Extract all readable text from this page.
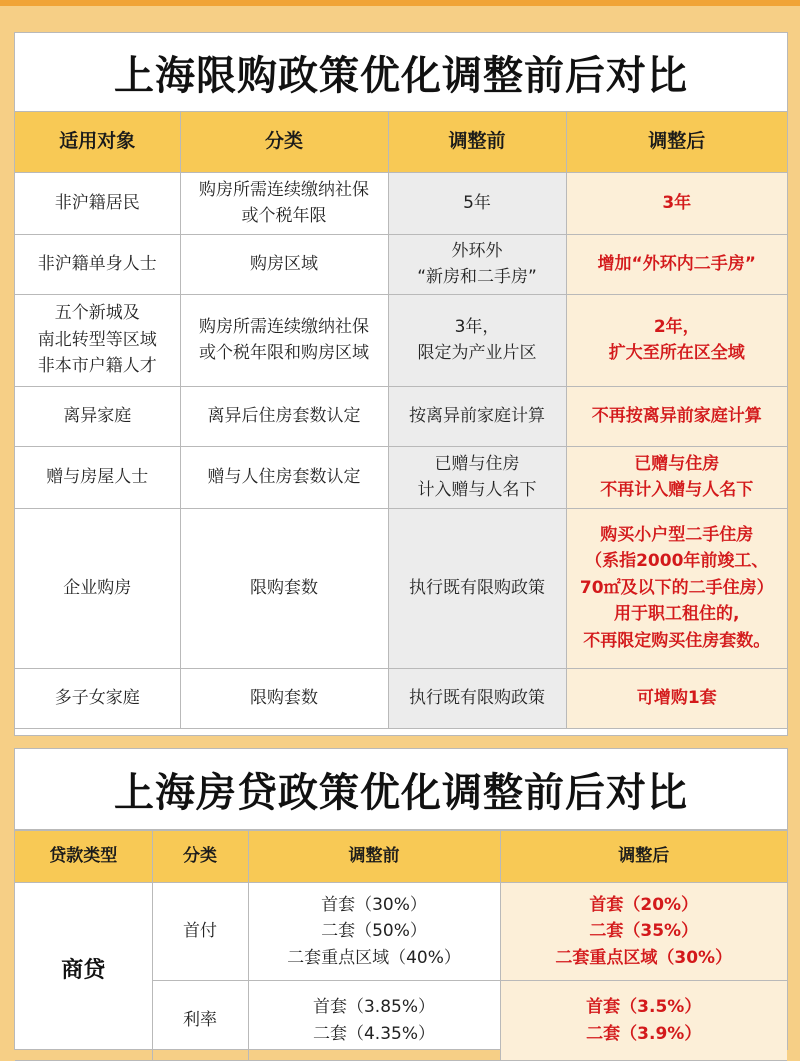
上海限购政策优化调整前后对比
适用对象	分类	调整前	调整后

非沪籍居民	购房所需连续缴纳社保
或个税年限	5年	3年

非沪籍单身人士	购房区域	外环外
“新房和二手房”	增加“外环内二手房”

五个新城及
南北转型等区域
非本市户籍人才	购房所需连续缴纳社保
或个税年限和购房区域	3年，
限定为产业片区	2年，
扩大至所在区全域

离异家庭	离异后住房套数认定	按离异前家庭计算	不再按离异前家庭计算

赠与房屋人士	赠与人住房套数认定	已赠与住房
计入赠与人名下	已赠与住房
不再计入赠与人名下

企业购房	限购套数	执行既有限购政策	购买小户型二手住房
（系指2000年前竣工、
70㎡及以下的二手住房）
用于职工租住的,
不再限定购买住房套数。

多子女家庭	限购套数	执行既有限购政策	可增购1套
上海房贷政策优化调整前后对比
贷款类型	分类	调整前	调整后
商贷	首付	首套（30%）
二套（50%）
二套重点区域（40%）	首套（20%）
二套（35%）
二套重点区域（30%）

	利率	首套（3.85%）
二套（4.35%）	首套（3.5%）
二套（3.9%）
